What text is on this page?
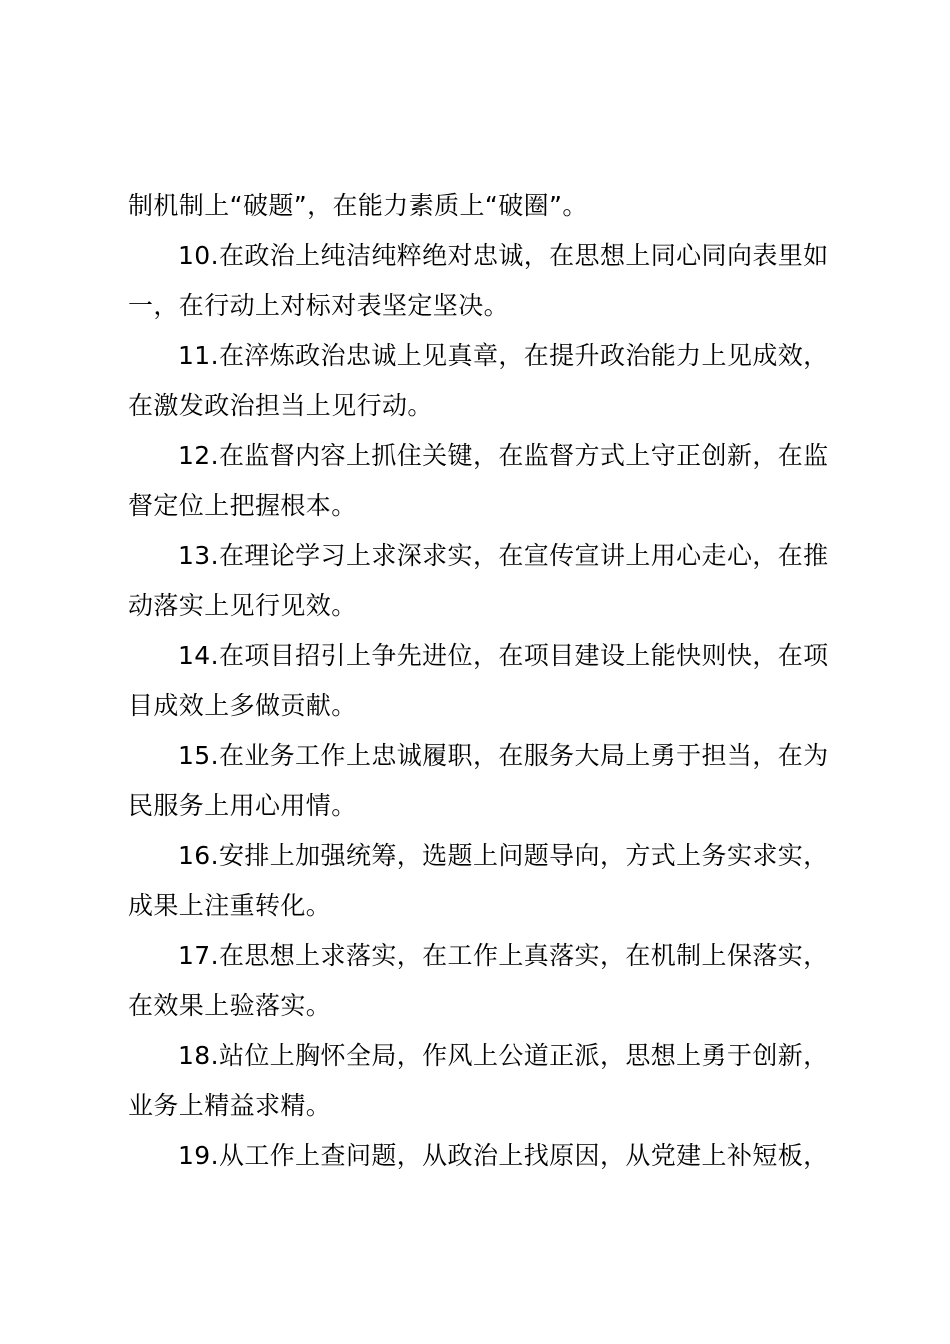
制机制上“破题”，在能力素质上“破圈”。
10.在政治上纯洁纯粹绝对忠诚，在思想上同心同向表里如
一，在行动上对标对表坚定坚决。
11.在淬炼政治忠诚上见真章，在提升政治能力上见成效，
在激发政治担当上见行动。
12.在监督内容上抓住关键，在监督方式上守正创新，在监
督定位上把握根本。
13.在理论学习上求深求实，在宣传宣讲上用心走心，在推
动落实上见行见效。
14.在项目招引上争先进位，在项目建设上能快则快，在项
目成效上多做贡献。
15.在业务工作上忠诚履职，在服务大局上勇于担当，在为
民服务上用心用情。
16.安排上加强统筹，选题上问题导向，方式上务实求实，
成果上注重转化。
17.在思想上求落实，在工作上真落实，在机制上保落实，
在效果上验落实。
18.站位上胸怀全局，作风上公道正派，思想上勇于创新，
业务上精益求精。
19.从工作上查问题，从政治上找原因，从党建上补短板，
